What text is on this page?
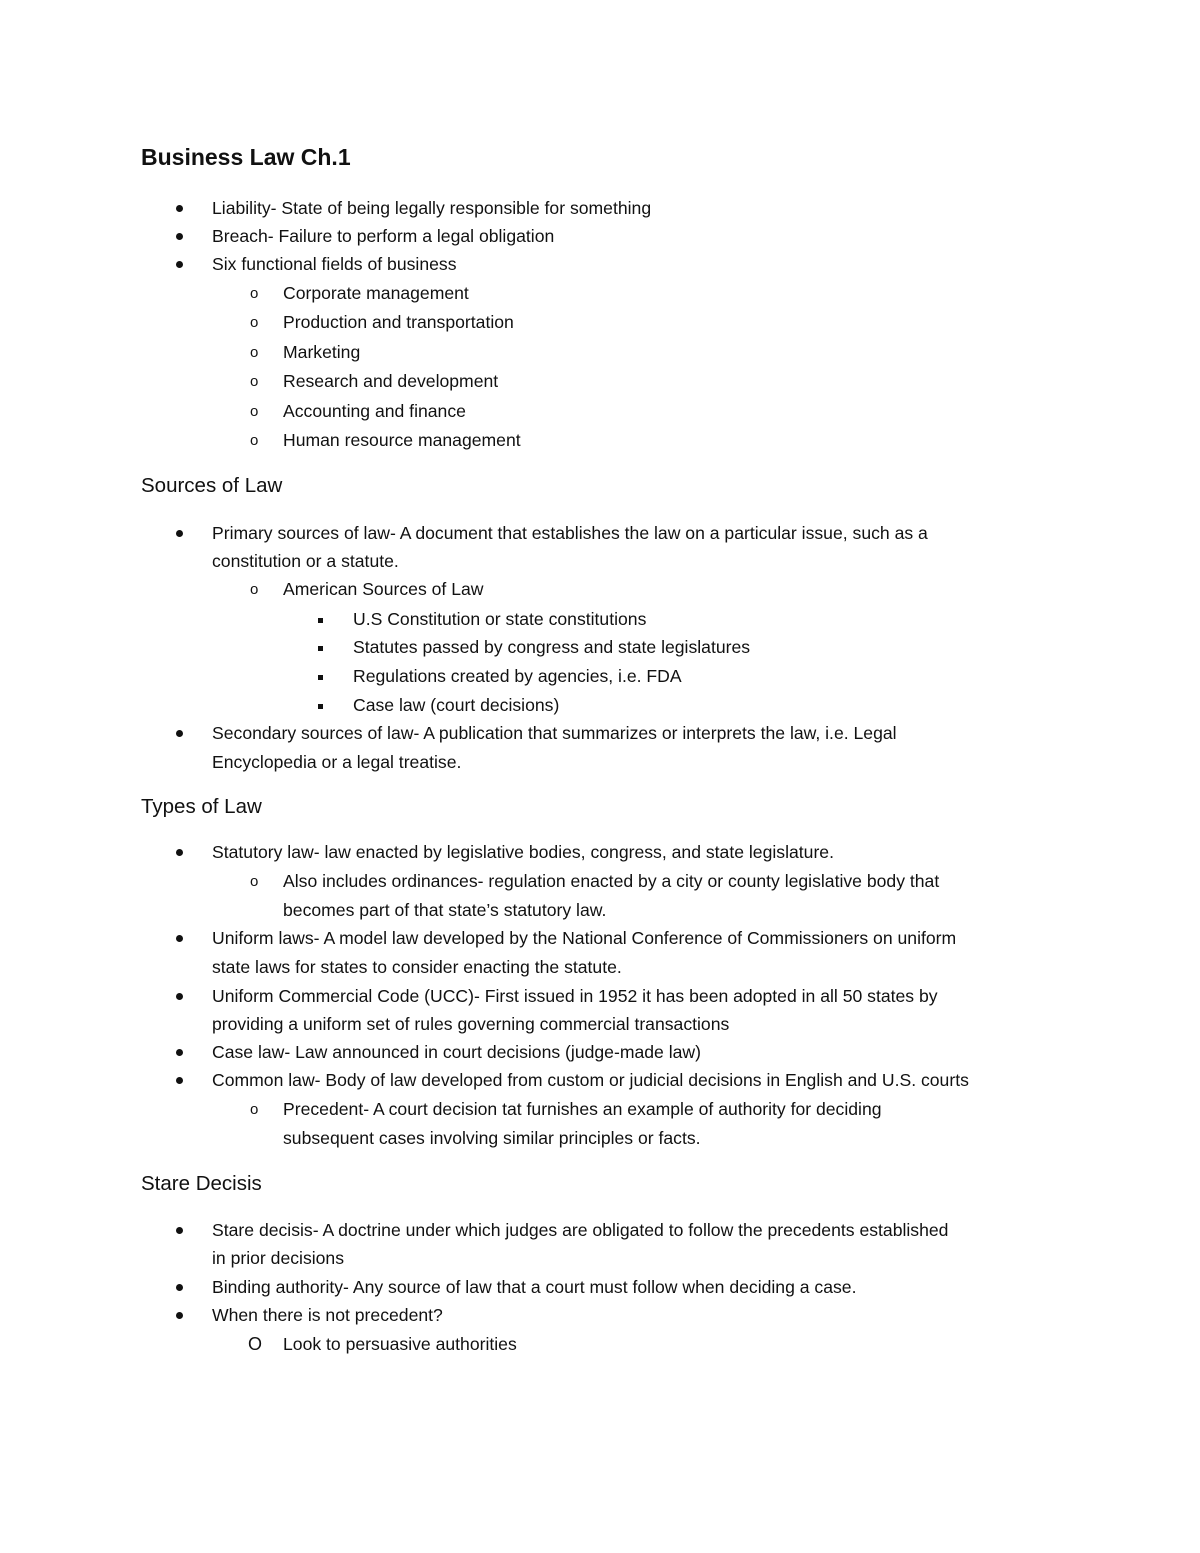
Business Law Ch.1
Liability- State of being legally responsible for something
Breach- Failure to perform a legal obligation
Six functional fields of business
o Corporate management
o Production and transportation
o Marketing
o Research and development
o Accounting and finance
o Human resource management
Sources of Law
Primary sources of law- A document that establishes the law on a particular issue, such as a
constitution or a statute.
o American Sources of Law
U.S Constitution or state constitutions
Statutes passed by congress and state legislatures
Regulations created by agencies, i.e. FDA
Case law (court decisions)
Secondary sources of law- A publication that summarizes or interprets the law, i.e. Legal
Encyclopedia or a legal treatise.
Types of Law
Statutory law- law enacted by legislative bodies, congress, and state legislature.
o Also includes ordinances- regulation enacted by a city or county legislative body that
becomes part of that state’s statutory law.
Uniform laws- A model law developed by the National Conference of Commissioners on uniform
state laws for states to consider enacting the statute.
Uniform Commercial Code (UCC)- First issued in 1952 it has been adopted in all 50 states by
providing a uniform set of rules governing commercial transactions
Case law- Law announced in court decisions (judge-made law)
Common law- Body of law developed from custom or judicial decisions in English and U.S. courts
o Precedent- A court decision tat furnishes an example of authority for deciding
subsequent cases involving similar principles or facts.
Stare Decisis
Stare decisis- A doctrine under which judges are obligated to follow the precedents established
in prior decisions
Binding authority- Any source of law that a court must follow when deciding a case.
When there is not precedent?
O Look to persuasive authorities
